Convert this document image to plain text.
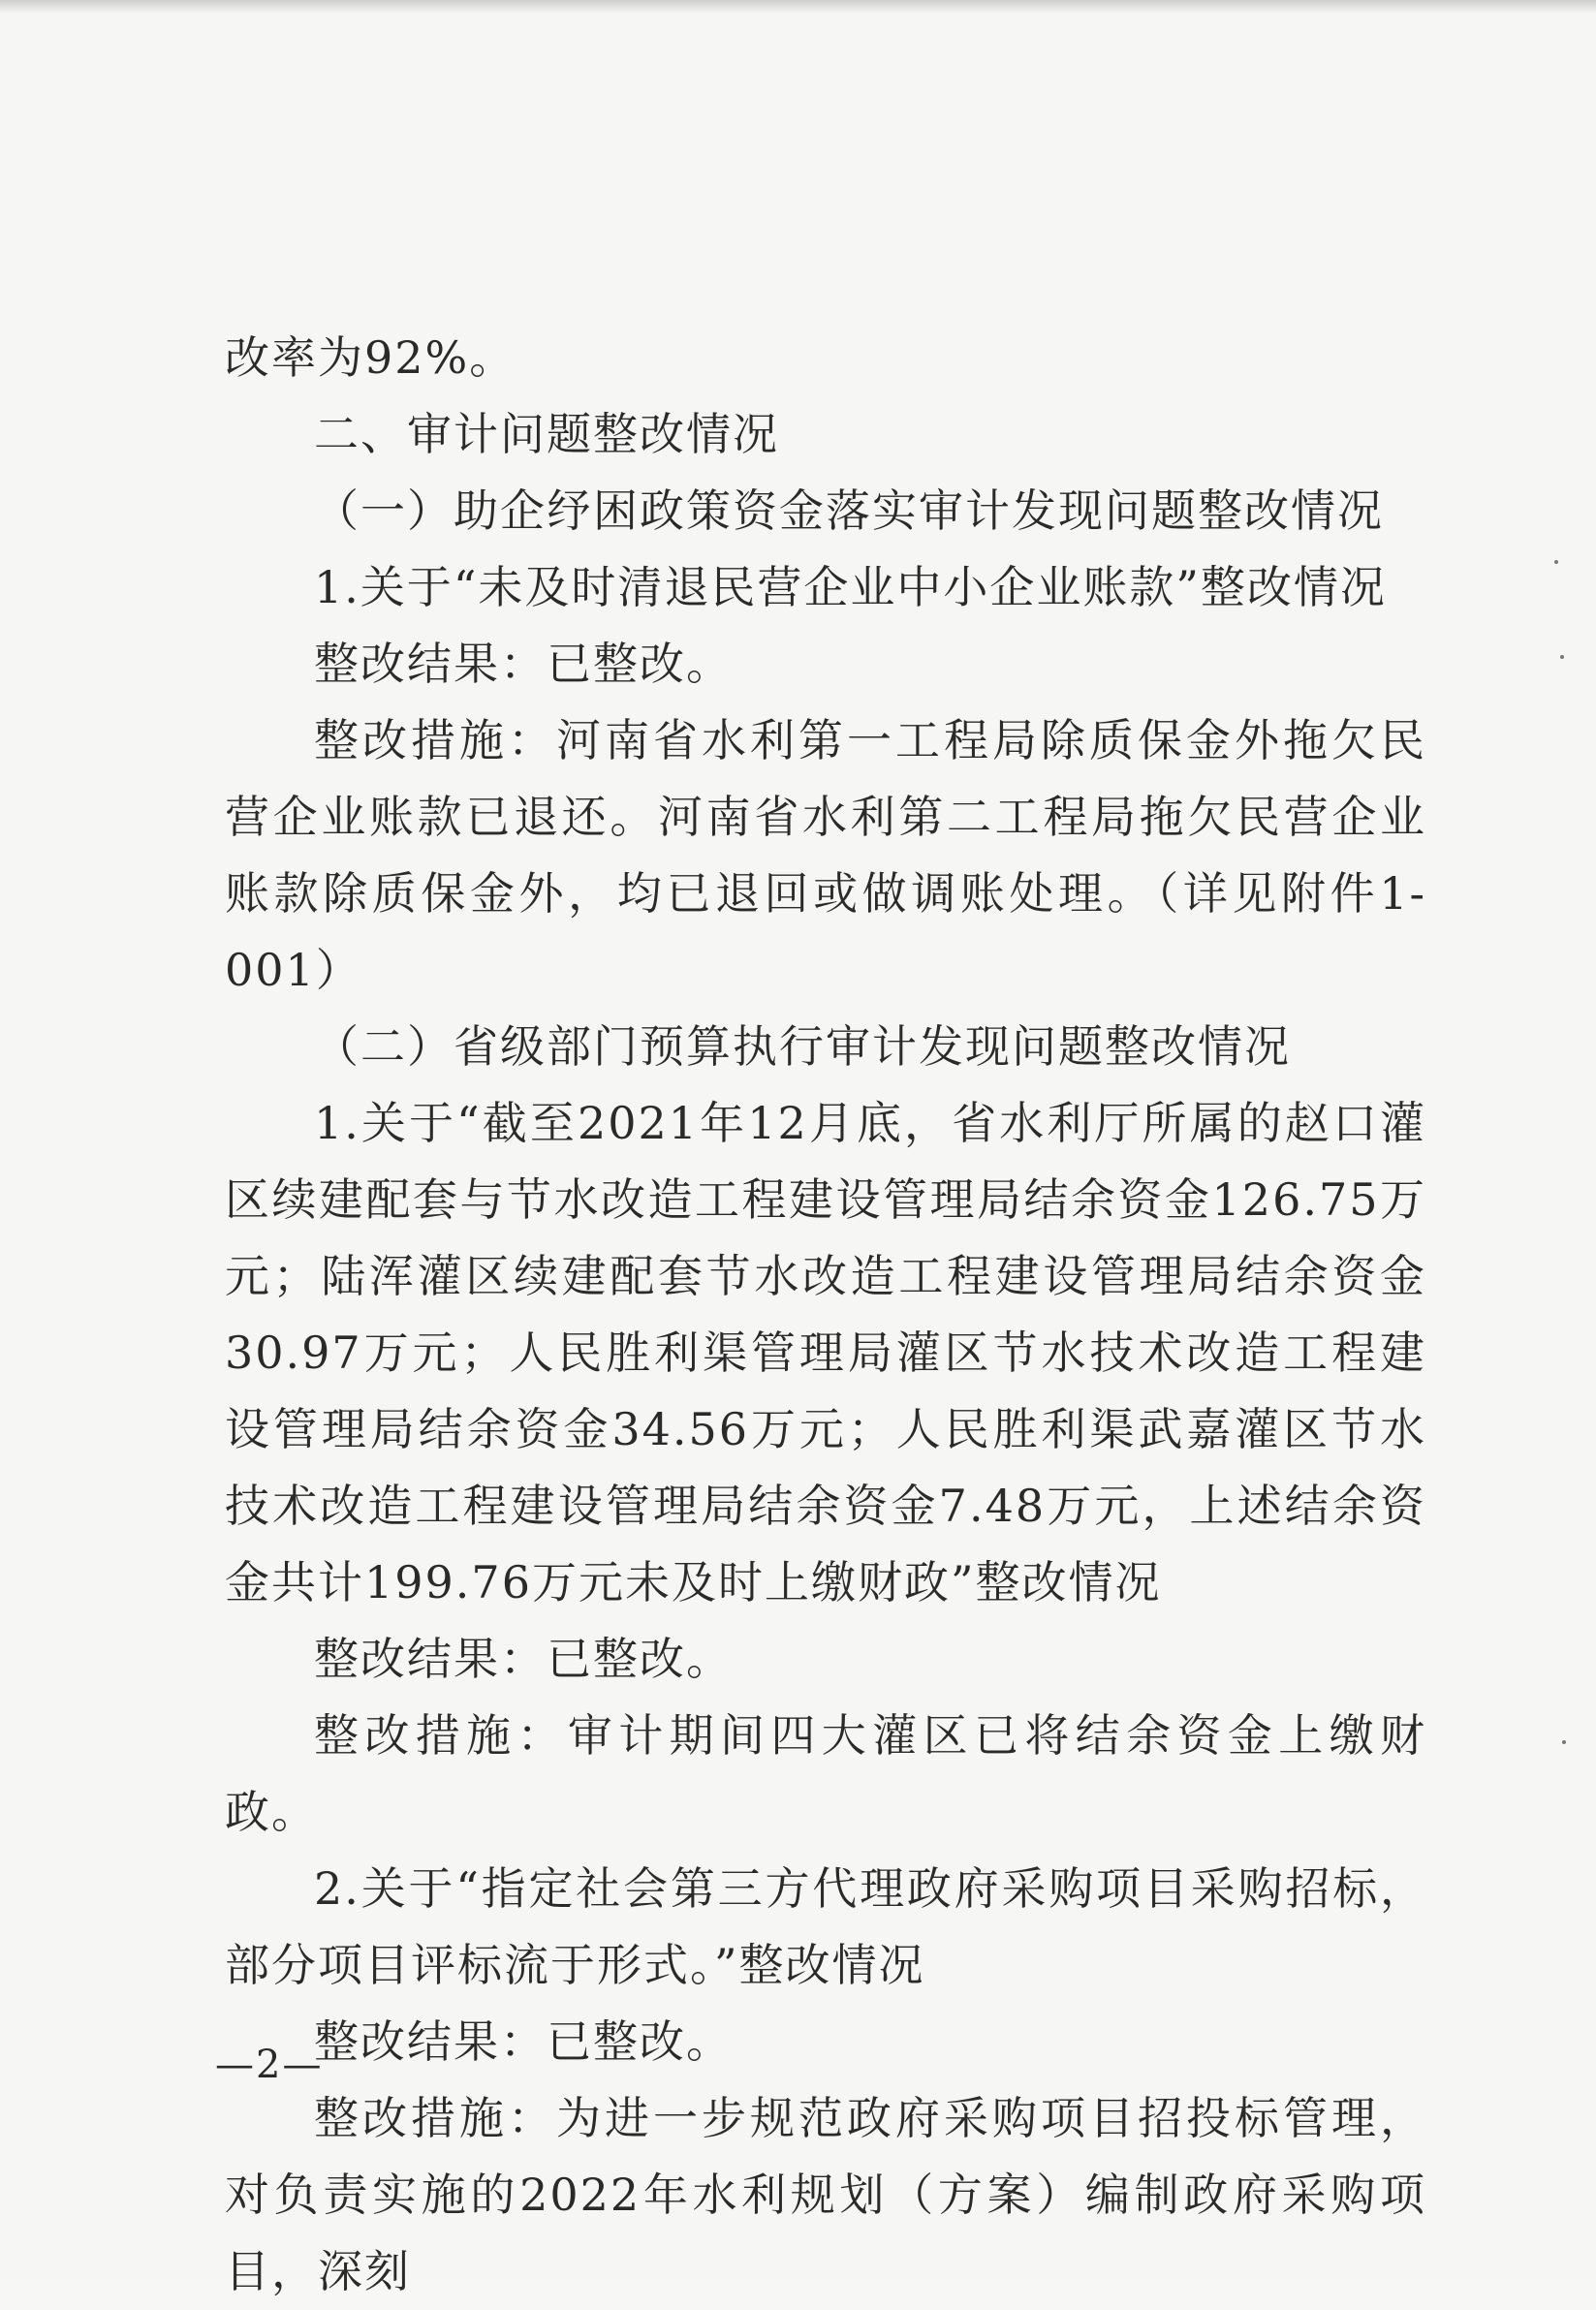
改率为92%。

二、审计问题整改情况

（一）助企纾困政策资金落实审计发现问题整改情况

1.关于“未及时清退民营企业中小企业账款”整改情况

整改结果：已整改。

整改措施：河南省水利第一工程局除质保金外拖欠民营企业账款已退还。河南省水利第二工程局拖欠民营企业账款除质保金外，均已退回或做调账处理。（详见附件1-001）

（二）省级部门预算执行审计发现问题整改情况

1.关于“截至2021年12月底，省水利厅所属的赵口灌区续建配套与节水改造工程建设管理局结余资金126.75万元；陆浑灌区续建配套节水改造工程建设管理局结余资金30.97万元；人民胜利渠管理局灌区节水技术改造工程建设管理局结余资金34.56万元；人民胜利渠武嘉灌区节水技术改造工程建设管理局结余资金7.48万元，上述结余资金共计199.76万元未及时上缴财政”整改情况

整改结果：已整改。

整改措施：审计期间四大灌区已将结余资金上缴财政。

2.关于“指定社会第三方代理政府采购项目采购招标，部分项目评标流于形式。”整改情况

整改结果：已整改。

整改措施：为进一步规范政府采购项目招投标管理，对负责实施的2022年水利规划（方案）编制政府采购项目，深刻

—2—
